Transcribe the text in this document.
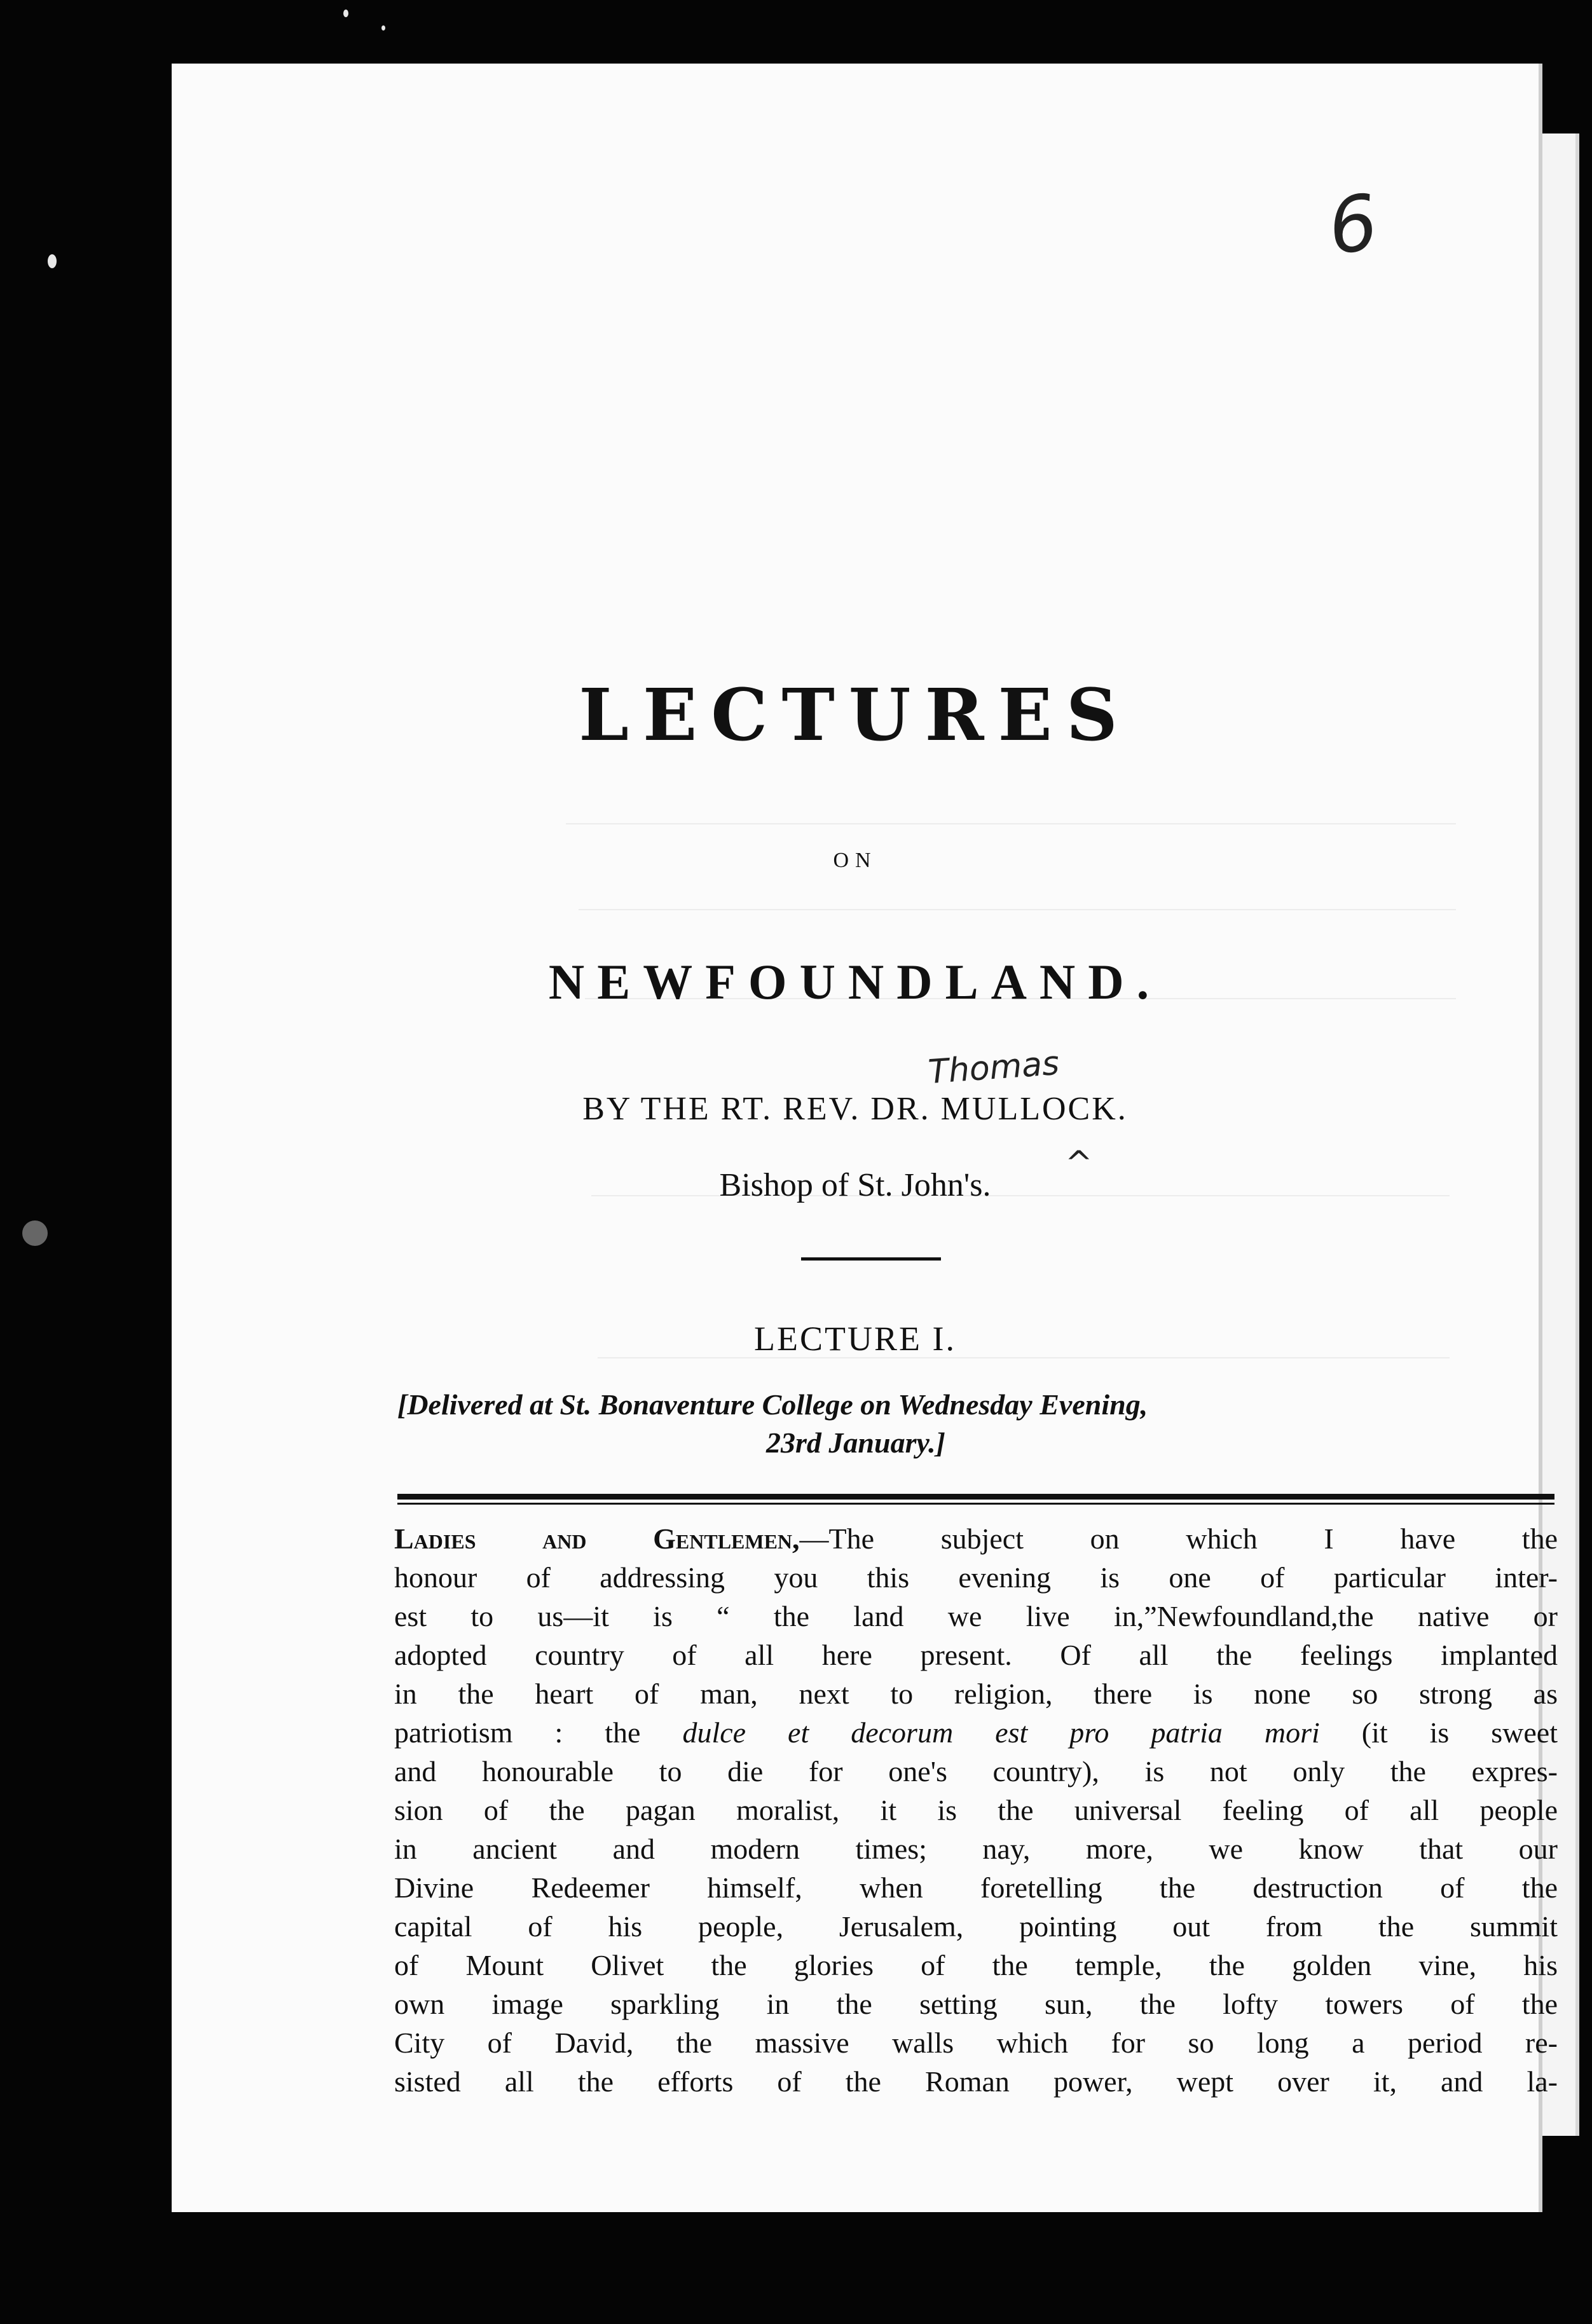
6
LECTURES
ON
NEWFOUNDLAND.
Thomas
BY THE RT. REV. DR. MULLOCK.
^
Bishop of St. John's.
LECTURE I.
[Delivered at St. Bonaventure College on Wednesday Evening,
23rd January.]
Ladies and Gentlemen,—The subject on which I have the
honour of addressing you this evening is one of particular inter-
est to us—it is “ the land we live in,”Newfoundland,the native or
adopted country of all here present. Of all the feelings implanted
in the heart of man, next to religion, there is none so strong as
patriotism : the dulce et decorum est pro patria mori (it is sweet
and honourable to die for one's country), is not only the expres-
sion of the pagan moralist, it is the universal feeling of all people
in ancient and modern times; nay, more, we know that our
Divine Redeemer himself, when foretelling the destruction of the
capital of his people, Jerusalem, pointing out from the summit
of Mount Olivet the glories of the temple, the golden vine, his
own image sparkling in the setting sun, the lofty towers of the
City of David, the massive walls which for so long a period re-
sisted all the efforts of the Roman power, wept over it, and la-
